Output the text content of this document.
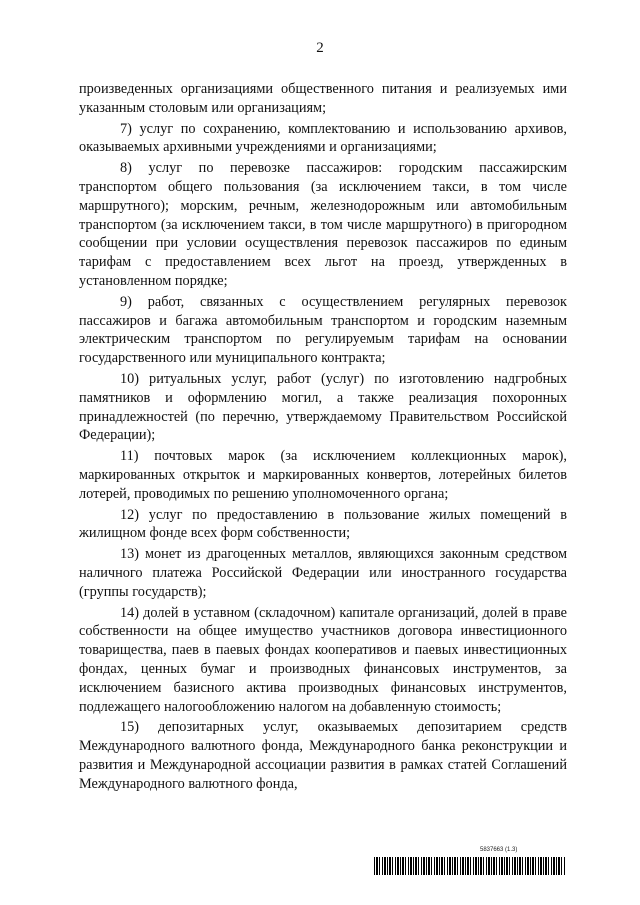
2

произведенных организациями общественного питания и реализуемых ими указанным столовым или организациям;

7) услуг по сохранению, комплектованию и использованию архивов, оказываемых архивными учреждениями и организациями;

8) услуг по перевозке пассажиров: городским пассажирским транспортом общего пользования (за исключением такси, в том числе маршрутного); морским, речным, железнодорожным или автомобильным транспортом (за исключением такси, в том числе маршрутного) в пригородном сообщении при условии осуществления перевозок пассажиров по единым тарифам с предоставлением всех льгот на проезд, утвержденных в установленном порядке;

9) работ, связанных с осуществлением регулярных перевозок пассажиров и багажа автомобильным транспортом и городским наземным электрическим транспортом по регулируемым тарифам на основании государственного или муниципального контракта;

10) ритуальных услуг, работ (услуг) по изготовлению надгробных памятников и оформлению могил, а также реализация похоронных принадлежностей (по перечню, утверждаемому Правительством Российской Федерации);

11) почтовых марок (за исключением коллекционных марок), маркированных открыток и маркированных конвертов, лотерейных билетов лотерей, проводимых по решению уполномоченного органа;

12) услуг по предоставлению в пользование жилых помещений в жилищном фонде всех форм собственности;

13) монет из драгоценных металлов, являющихся законным средством наличного платежа Российской Федерации или иностранного государства (группы государств);

14) долей в уставном (складочном) капитале организаций, долей в праве собственности на общее имущество участников договора инвестиционного товарищества, паев в паевых фондах кооперативов и паевых инвестиционных фондах, ценных бумаг и производных финансовых инструментов, за исключением базисного актива производных финансовых инструментов, подлежащего налогообложению налогом на добавленную стоимость;

15) депозитарных услуг, оказываемых депозитарием средств Международного валютного фонда, Международного банка реконструкции и развития и Международной ассоциации развития в рамках статей Соглашений Международного валютного фонда,

5837663 (1.3)
